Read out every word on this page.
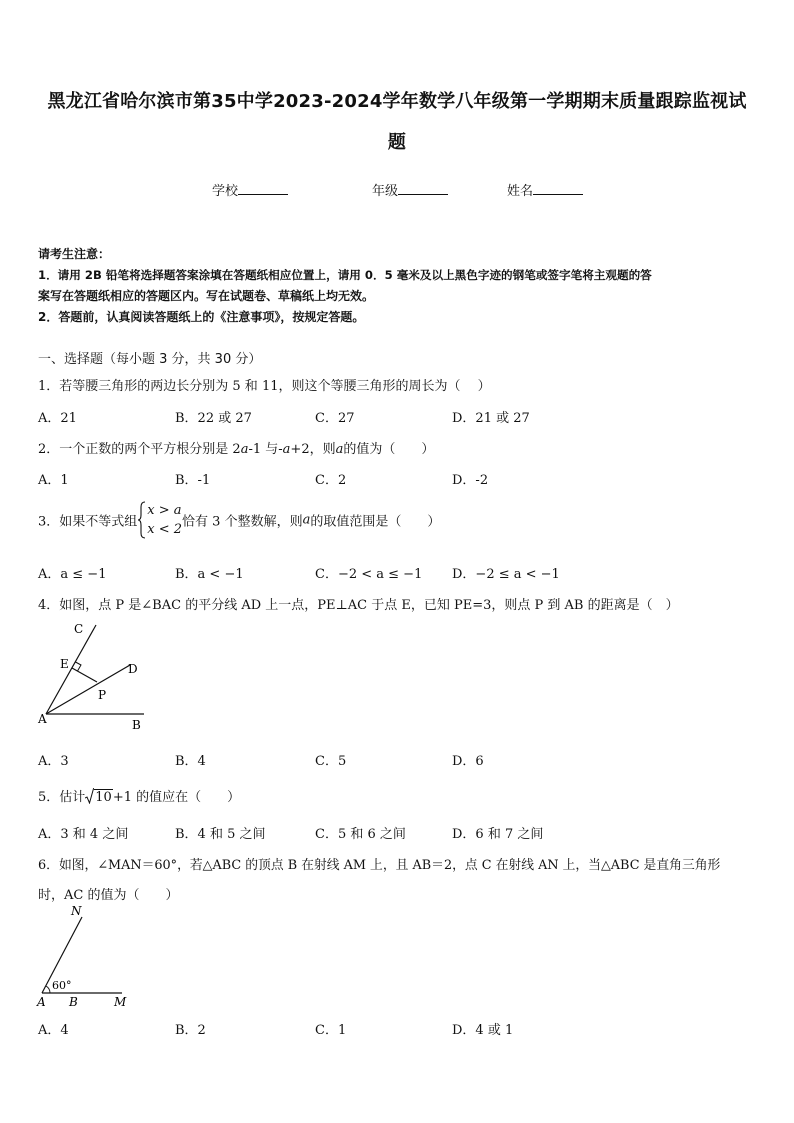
黑龙江省哈尔滨市第35中学2023-2024学年数学八年级第一学期期末质量跟踪监视试
题
学校	年级	姓名
请考生注意：
1．请用 2B 铅笔将选择题答案涂填在答题纸相应位置上，请用 0．5 毫米及以上黑色字迹的钢笔或签字笔将主观题的答
案写在答题纸相应的答题区内。写在试题卷、草稿纸上均无效。
2．答题前，认真阅读答题纸上的《注意事项》，按规定答题。
一、选择题（每小题 3 分，共 30 分）
1．若等腰三角形的两边长分别为 5 和 11，则这个等腰三角形的周长为（　 ）
A．21	B．22 或 27	C．27	D．21 或 27
2．一个正数的两个平方根分别是 2a-1 与-a+2，则a的值为（　　）
A．1	B．-1	C．2	D．-2
3．如果不等式组
x > a
x < 2 恰有 3 个整数解，则a的取值范围是（　　）
A．a ≤ −1	B．a < −1	C．−2 < a ≤ −1 D．−2 ≤ a < −1
4．如图，点 P 是∠BAC 的平分线 AD 上一点，PE⊥AC 于点 E，已知 PE=3，则点 P 到 AB 的距离是（　）
C
E	D
P
A	B
A．3	B．4	C．5	D．6
5．估计 10+1 的值应在（　　）
A．3 和 4 之间	B．4 和 5 之间	C．5 和 6 之间	D．6 和 7 之间
6．如图，∠MAN＝60°，若△ABC 的顶点 B 在射线 AM 上，且 AB＝2，点 C 在射线 AN 上，当△ABC 是直角三角形
时，AC 的值为（　　）
N
60°
A B	M
A．4	B．2	C．1	D．4 或 1
